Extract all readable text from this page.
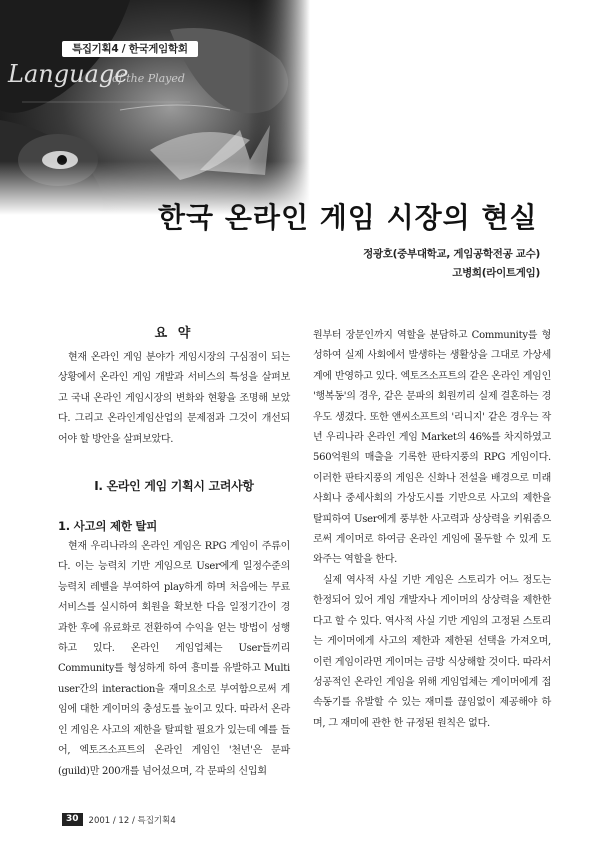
특집기획4 / 한국게임학회
한국 온라인 게임 시장의 현실
정광호(중부대학교, 게임공학전공 교수)
고병희(라이트게임)
요 약

현재 온라인 게임 분야가 게임시장의 구심점이 되는 상황에서 온라인 게임 개발과 서비스의 특성을 살펴보고 국내 온라인 게임시장의 변화와 현황을 조명해 보았다. 그리고 온라인게임산업의 문제점과 그것이 개선되어야 할 방안을 살펴보았다.

Ⅰ. 온라인 게임 기획시 고려사항
1. 사고의 제한 탈피

현재 우리나라의 온라인 게임은 RPG 게임이 주류이다. 이는 능력치 기반 게임으로 User에게 일정수준의 능력치 레벨을 부여하여 play하게 하며 처음에는 무료 서비스를 실시하여 회원을 확보한 다음 일정기간이 경과한 후에 유료화로 전환하여 수익을 얻는 방법이 성행하고 있다. 온라인 게임업체는 User들끼리 Community를 형성하게 하여 흥미를 유발하고 Multi user간의 interaction을 재미요소로 부여함으로써 게임에 대한 게이머의 충성도를 높이고 있다. 따라서 온라인 게임은 사고의 제한을 탈피할 필요가 있는데 예를 들어, 엑토즈소프트의 온라인 게임인 '천년'은 문파(guild)만 200개를 넘어섰으며, 각 문파의 신입회

원부터 장문인까지 역할을 분담하고 Community를 형성하여 실제 사회에서 발생하는 생활상을 그대로 가상세계에 반영하고 있다. 엑토즈소프트의 같은 온라인 게임인 '행복동'의 경우, 같은 문파의 회원끼리 실제 결혼하는 경우도 생겼다. 또한 앤씨소프트의 '리니지' 같은 경우는 작년 우리나라 온라인 게임 Market의 46%를 차지하였고 560억원의 매출을 기록한 판타지풍의 RPG 게임이다. 이러한 판타지풍의 게임은 신화나 전설을 배경으로 미래사회나 중세사회의 가상도시를 기반으로 사고의 제한을 탈피하여 User에게 풍부한 사고력과 상상력을 키워줌으로써 게이머로 하여금 온라인 게임에 몰두할 수 있게 도와주는 역할을 한다.

실제 역사적 사실 기반 게임은 스토리가 어느 정도는 한정되어 있어 게임 개발자나 게이머의 상상력을 제한한다고 할 수 있다. 역사적 사실 기반 게임의 고정된 스토리는 게이머에게 사고의 제한과 제한된 선택을 가져오며, 이런 게임이라면 게이머는 금방 식상해할 것이다. 따라서 성공적인 온라인 게임을 위해 게임업체는 게이머에게 접속동기를 유발할 수 있는 재미를 끊임없이 제공해야 하며, 그 재미에 관한 한 규정된 원칙은 없다.

30	2001 / 12 / 특집기획4
